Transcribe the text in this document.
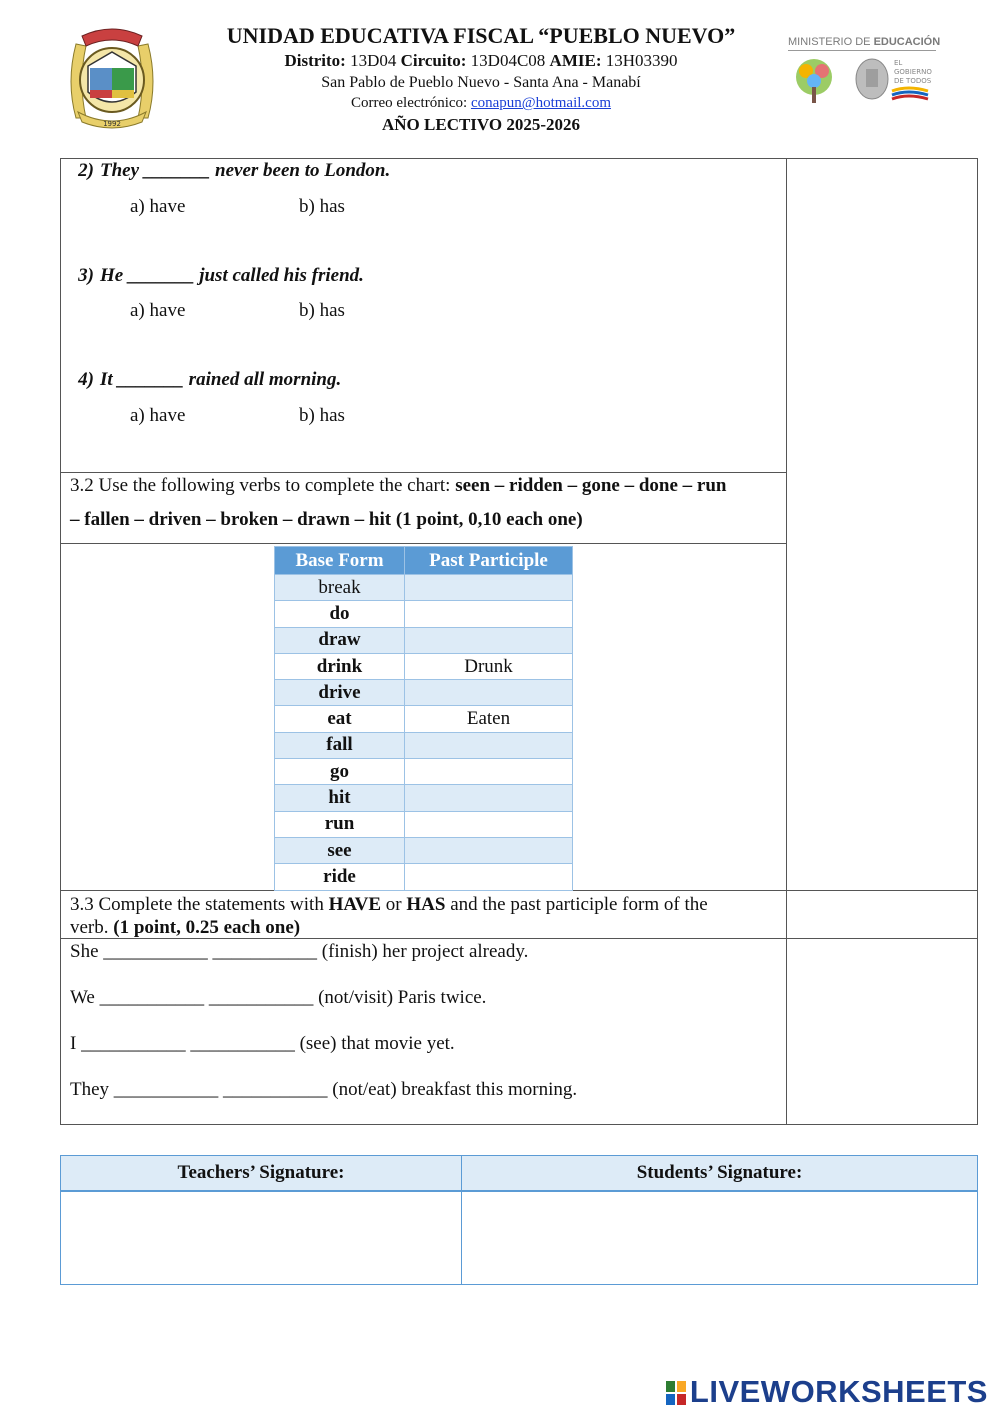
1992
UNIDAD EDUCATIVA FISCAL “PUEBLO NUEVO”
Distrito: 13D04 Circuito: 13D04C08 AMIE: 13H03390
San Pablo de Pueblo Nuevo - Santa Ana - Manabí
Correo electrónico: conapun@hotmail.com
AÑO LECTIVO 2025-2026
MINISTERIO DE EDUCACIÓN
EL
GOBIERNO
DE TODOS
2) They _______ never been to London.
a) have	b) has
3) He _______ just called his friend.
a) have	b) has
4) It _______ rained all morning.
a) have	b) has
3.2 Use the following verbs to complete the chart: seen – ridden – gone – done – run
– fallen – driven – broken – drawn – hit (1 point, 0,10 each one)
Base Form	Past Participle
break	
do	
draw	
drink	Drunk
drive	
eat	Eaten
fall	
go	
hit	
run	
see	
ride	
3.3 Complete the statements with HAVE or HAS and the past participle form of the
verb. (1 point, 0.25 each one)
She ___________ ___________ (finish) her project already.
We ___________ ___________ (not/visit) Paris twice.
I ___________ ___________ (see) that movie yet.
They ___________ ___________ (not/eat) breakfast this morning.
Teachers’ Signature:	Students’ Signature:
LIVEWORKSHEETS
